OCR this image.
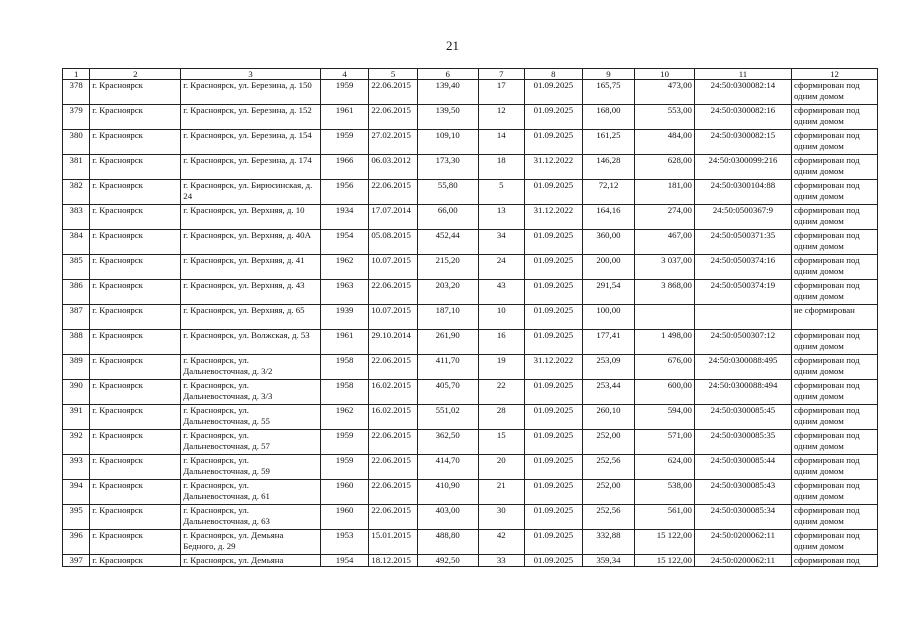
21
1	2	3	4	5	6	7	8	9	10	11	12
378	г. Красноярск	г. Красноярск, ул. Березина, д. 150	1959	22.06.2015	139,40	17	01.09.2025	165,75	473,00	24:50:0300082:14	сформирован под одним домом
379	г. Красноярск	г. Красноярск, ул. Березина, д. 152	1961	22.06.2015	139,50	12	01.09.2025	168,00	553,00	24:50:0300082:16	сформирован под одним домом
380	г. Красноярск	г. Красноярск, ул. Березина, д. 154	1959	27.02.2015	109,10	14	01.09.2025	161,25	484,00	24:50:0300082:15	сформирован под одним домом
381	г. Красноярск	г. Красноярск, ул. Березина, д. 174	1966	06.03.2012	173,30	18	31.12.2022	146,28	628,00	24:50:0300099:216	сформирован под одним домом
382	г. Красноярск	г. Красноярск, ул. Бирюсинская, д. 24	1956	22.06.2015	55,80	5	01.09.2025	72,12	181,00	24:50:0300104:88	сформирован под одним домом
383	г. Красноярск	г. Красноярск, ул. Верхняя, д. 10	1934	17.07.2014	66,00	13	31.12.2022	164,16	274,00	24:50:0500367:9	сформирован под одним домом
384	г. Красноярск	г. Красноярск, ул. Верхняя, д. 40А	1954	05.08.2015	452,44	34	01.09.2025	360,00	467,00	24:50:0500371:35	сформирован под одним домом
385	г. Красноярск	г. Красноярск, ул. Верхняя, д. 41	1962	10.07.2015	215,20	24	01.09.2025	200,00	3 037,00	24:50:0500374:16	сформирован под одним домом
386	г. Красноярск	г. Красноярск, ул. Верхняя, д. 43	1963	22.06.2015	203,20	43	01.09.2025	291,54	3 868,00	24:50:0500374:19	сформирован под одним домом
387	г. Красноярск	г. Красноярск, ул. Верхняя, д. 65	1939	10.07.2015	187,10	10	01.09.2025	100,00			не сформирован
388	г. Красноярск	г. Красноярск, ул. Волжская, д. 53	1961	29.10.2014	261,90	16	01.09.2025	177,41	1 498,00	24:50:0500307:12	сформирован под одним домом
389	г. Красноярск	г. Красноярск, ул. Дальневосточная, д. 3/2	1958	22.06.2015	411,70	19	31.12.2022	253,09	676,00	24:50:0300088:495	сформирован под одним домом
390	г. Красноярск	г. Красноярск, ул. Дальневосточная, д. 3/3	1958	16.02.2015	405,70	22	01.09.2025	253,44	600,00	24:50:0300088:494	сформирован под одним домом
391	г. Красноярск	г. Красноярск, ул. Дальневосточная, д. 55	1962	16.02.2015	551,02	28	01.09.2025	260,10	594,00	24:50:0300085:45	сформирован под одним домом
392	г. Красноярск	г. Красноярск, ул. Дальневосточная, д. 57	1959	22.06.2015	362,50	15	01.09.2025	252,00	571,00	24:50:0300085:35	сформирован под одним домом
393	г. Красноярск	г. Красноярск, ул. Дальневосточная, д. 59	1959	22.06.2015	414,70	20	01.09.2025	252,56	624,00	24:50:0300085:44	сформирован под одним домом
394	г. Красноярск	г. Красноярск, ул. Дальневосточная, д. 61	1960	22.06.2015	410,90	21	01.09.2025	252,00	538,00	24:50:0300085:43	сформирован под одним домом
395	г. Красноярск	г. Красноярск, ул. Дальневосточная, д. 63	1960	22.06.2015	403,00	30	01.09.2025	252,56	561,00	24:50:0300085:34	сформирован под одним домом
396	г. Красноярск	г. Красноярск, ул. Демьяна Бедного, д. 29	1953	15.01.2015	488,80	42	01.09.2025	332,88	15 122,00	24:50:0200062:11	сформирован под одним домом
397	г. Красноярск	г. Красноярск, ул. Демьяна	1954	18.12.2015	492,50	33	01.09.2025	359,34	15 122,00	24:50:0200062:11	сформирован под
